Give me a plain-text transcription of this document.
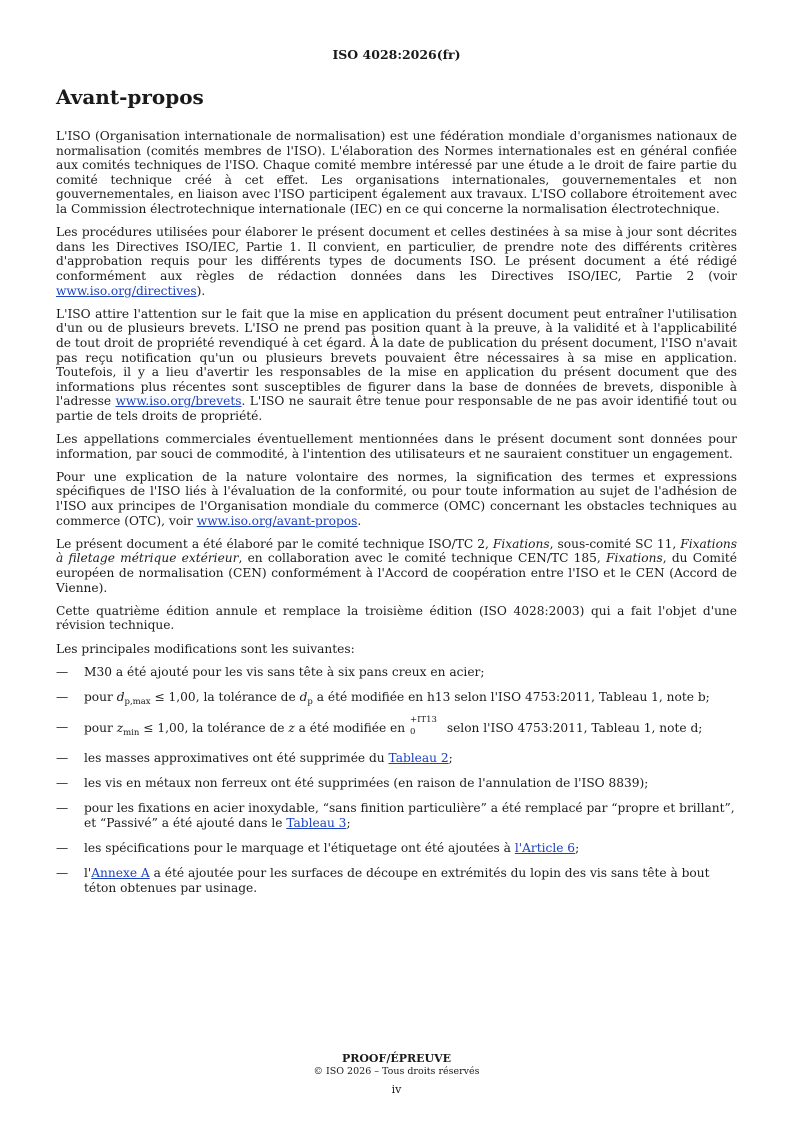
ISO 4028:2026(fr)
Avant-propos

L'ISO (Organisation internationale de normalisation) est une fédération mondiale d'organismes nationaux de normalisation (comités membres de l'ISO). L'élaboration des Normes internationales est en général confiée aux comités techniques de l'ISO. Chaque comité membre intéressé par une étude a le droit de faire partie du comité technique créé à cet effet. Les organisations internationales, gouvernementales et non gouvernementales, en liaison avec l'ISO participent également aux travaux. L'ISO collabore étroitement avec la Commission électrotechnique internationale (IEC) en ce qui concerne la normalisation électrotechnique.

Les procédures utilisées pour élaborer le présent document et celles destinées à sa mise à jour sont décrites dans les Directives ISO/IEC, Partie 1. Il convient, en particulier, de prendre note des différents critères d'approbation requis pour les différents types de documents ISO. Le présent document a été rédigé conformément aux règles de rédaction données dans les Directives ISO/IEC, Partie 2 (voir www.iso.org/directives).

L'ISO attire l'attention sur le fait que la mise en application du présent document peut entraîner l'utilisation d'un ou de plusieurs brevets. L'ISO ne prend pas position quant à la preuve, à la validité et à l'applicabilité de tout droit de propriété revendiqué à cet égard. À la date de publication du présent document, l'ISO n'avait pas reçu notification qu'un ou plusieurs brevets pouvaient être nécessaires à sa mise en application. Toutefois, il y a lieu d'avertir les responsables de la mise en application du présent document que des informations plus récentes sont susceptibles de figurer dans la base de données de brevets, disponible à l'adresse www.iso.org/brevets. L'ISO ne saurait être tenue pour responsable de ne pas avoir identifié tout ou partie de tels droits de propriété.

Les appellations commerciales éventuellement mentionnées dans le présent document sont données pour information, par souci de commodité, à l'intention des utilisateurs et ne sauraient constituer un engagement.

Pour une explication de la nature volontaire des normes, la signification des termes et expressions spécifiques de l'ISO liés à l'évaluation de la conformité, ou pour toute information au sujet de l'adhésion de l'ISO aux principes de l'Organisation mondiale du commerce (OMC) concernant les obstacles techniques au commerce (OTC), voir www.iso.org/avant-propos.

Le présent document a été élaboré par le comité technique ISO/TC 2, Fixations, sous-comité SC 11, Fixations à filetage métrique extérieur, en collaboration avec le comité technique CEN/TC 185, Fixations, du Comité européen de normalisation (CEN) conformément à l'Accord de coopération entre l'ISO et le CEN (Accord de Vienne).

Cette quatrième édition annule et remplace la troisième édition (ISO 4028:2003) qui a fait l'objet d'une révision technique.

Les principales modifications sont les suivantes:

— M30 a été ajouté pour les vis sans tête à six pans creux en acier;
— pour $d_{p,max} \le 1,00$, la tolérance de $d_p$ a été modifiée en h13 selon l'ISO 4753:2011, Tableau 1, note b;
— pour $z_{min} \le 1,00$, la tolérance de z a été modifiée en
+IT13
0 selon l'ISO 4753:2011, Tableau 1, note d;
— les masses approximatives ont été supprimée du Tableau 2;
— les vis en métaux non ferreux ont été supprimées (en raison de l'annulation de l'ISO 8839);
— pour les fixations en acier inoxydable, “sans finition particulière” a été remplacé par “propre et brillant”, et “Passivé” a été ajouté dans le Tableau 3;
— les spécifications pour le marquage et l'étiquetage ont été ajoutées à l'Article 6;
— l'Annexe A a été ajoutée pour les surfaces de découpe en extrémités du lopin des vis sans tête à bout téton obtenues par usinage.
PROOF/ÉPREUVE
© ISO 2026 – Tous droits réservés
iv
